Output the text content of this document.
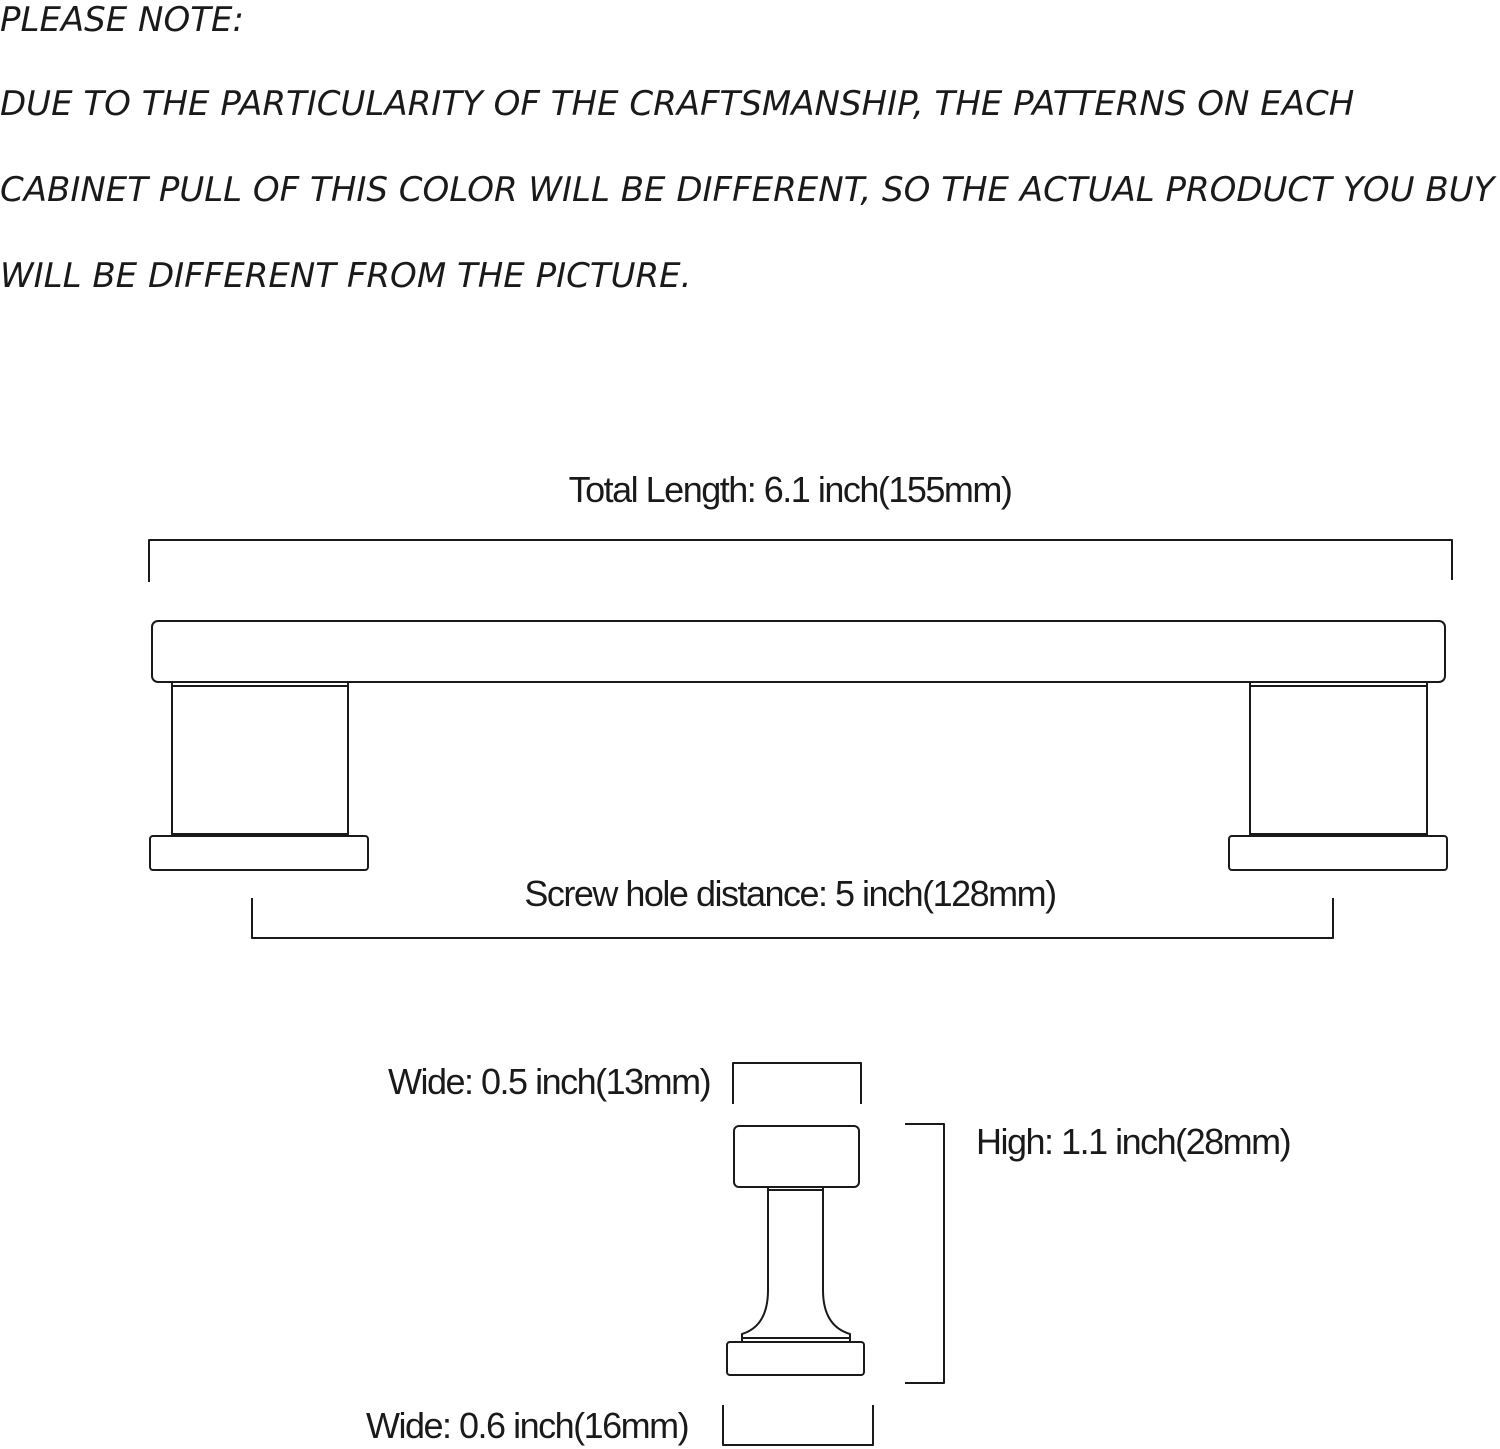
PLEASE NOTE:
DUE TO THE PARTICULARITY OF THE CRAFTSMANSHIP, THE PATTERNS ON EACH
CABINET PULL OF THIS COLOR WILL BE DIFFERENT, SO THE ACTUAL PRODUCT YOU BUY
WILL BE DIFFERENT FROM THE PICTURE.
Total Length: 6.1 inch(155mm)
Screw hole distance: 5 inch(128mm)
Wide: 0.5 inch(13mm)
High: 1.1 inch(28mm)
Wide: 0.6 inch(16mm)
